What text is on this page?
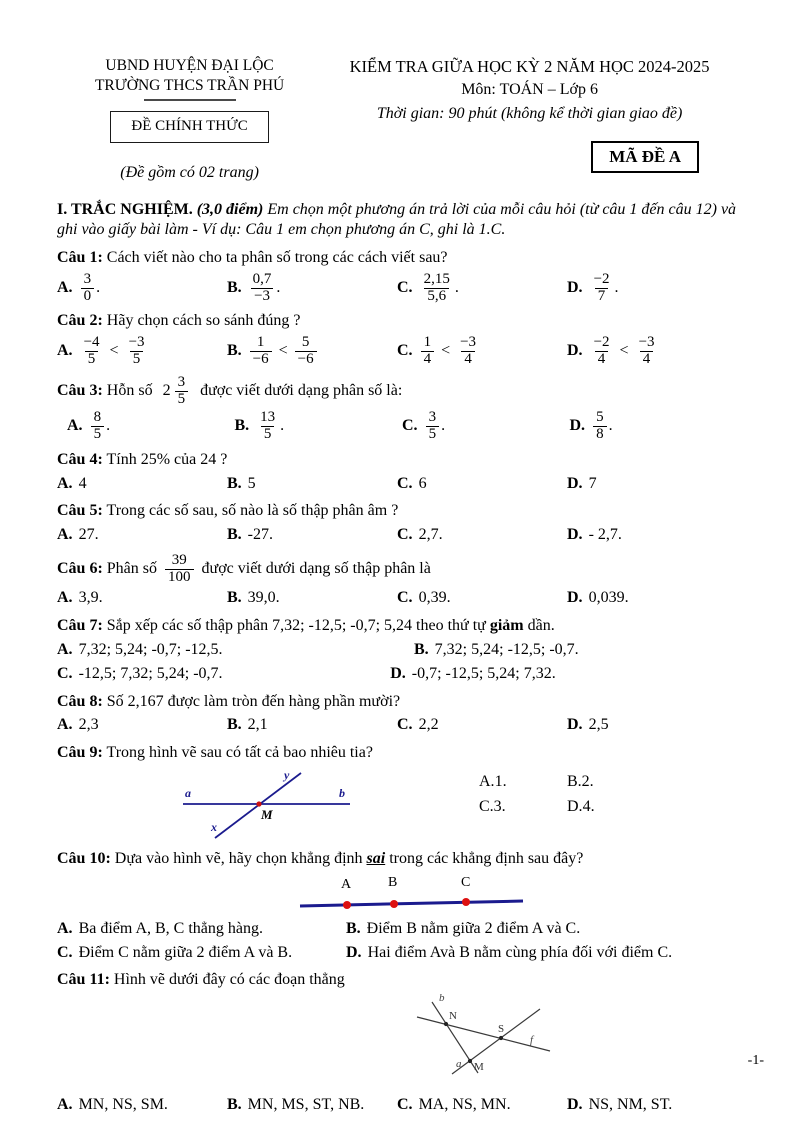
UBND HUYỆN ĐẠI LỘC
TRƯỜNG THCS TRẦN PHÚ
ĐỀ CHÍNH THỨC
(Đề gồm có 02 trang)
KIỂM TRA GIỮA HỌC KỲ 2 NĂM HỌC 2024-2025
Môn: TOÁN – Lớp 6
Thời gian: 90 phút (không kể thời gian giao đề)
MÃ ĐỀ A
I. TRẮC NGHIỆM. (3,0 điểm) Em chọn một phương án trả lời của mỗi câu hỏi (từ câu 1 đến câu 12) và ghi vào giấy bài làm - Ví dụ: Câu 1 em chọn phương án C, ghi là 1.C.
Câu 1: Cách viết nào cho ta phân số trong các cách viết sau?
A. $\frac{3}{0}$ .	B. $\frac{0,7}{-3}$ .	C. $\frac{2,15}{5,6}$ .	D. $\frac{-2}{7}$ .
Câu 2: Hãy chọn cách so sánh đúng ?
A. $\frac{-4}{5} < \frac{-3}{5}$	B. $\frac{1}{-6} < \frac{5}{-6}$	C. $\frac{1}{4} < \frac{-3}{4}$	D. $\frac{-2}{4} < \frac{-3}{4}$
Câu 3: Hỗn số $2 \frac{3}{5}$ được viết dưới dạng phân số là:
A. $\frac{8}{5}$ .	B. $\frac{13}{5}$ .	C. $\frac{3}{5}$ .	D. $\frac{5}{8}$ .
Câu 4: Tính 25% của 24 ?
A. 4	B. 5	C. 6	D. 7
Câu 5: Trong các số sau, số nào là số thập phân âm ?
A. 27.	B. -27.	C. 2,7.	D. - 2,7.
Câu 6: Phân số $\frac{39}{100}$ được viết dưới dạng số thập phân là
A. 3,9.	B. 39,0.	C. 0,39.	D. 0,039.
Câu 7: Sắp xếp các số thập phân 7,32; -12,5; -0,7; 5,24 theo thứ tự giảm dần.
A. 7,32; 5,24; -0,7; -12,5.	B. 7,32; 5,24; -12,5; -0,7.
C. -12,5; 7,32; 5,24; -0,7.	D. -0,7; -12,5; 5,24; 7,32.
Câu 8: Số 2,167 được làm tròn đến hàng phần mười?
A. 2,3	B. 2,1	C. 2,2	D. 2,5
Câu 9: Trong hình vẽ sau có tất cả bao nhiêu tia?
a	b
y
x
M
A. 1.	B. 2.
C. 3.	D. 4.
Câu 10: Dựa vào hình vẽ, hãy chọn khẳng định sai trong các khẳng định sau đây?
A	B	C
A. Ba điểm A, B, C thẳng hàng.	B. Điểm B nằm giữa 2 điểm A và C.
C. Điểm C nằm giữa 2 điểm A và B.	D. Hai điểm Avà B nằm cùng phía đối với điểm C.
Câu 11: Hình vẽ dưới đây có các đoạn thẳng
b
N
S
f
a M
A. MN, NS, SM.	B. MN, MS, ST, NB. C. MA, NS, MN.	D. NS, NM, ST.
-1-
